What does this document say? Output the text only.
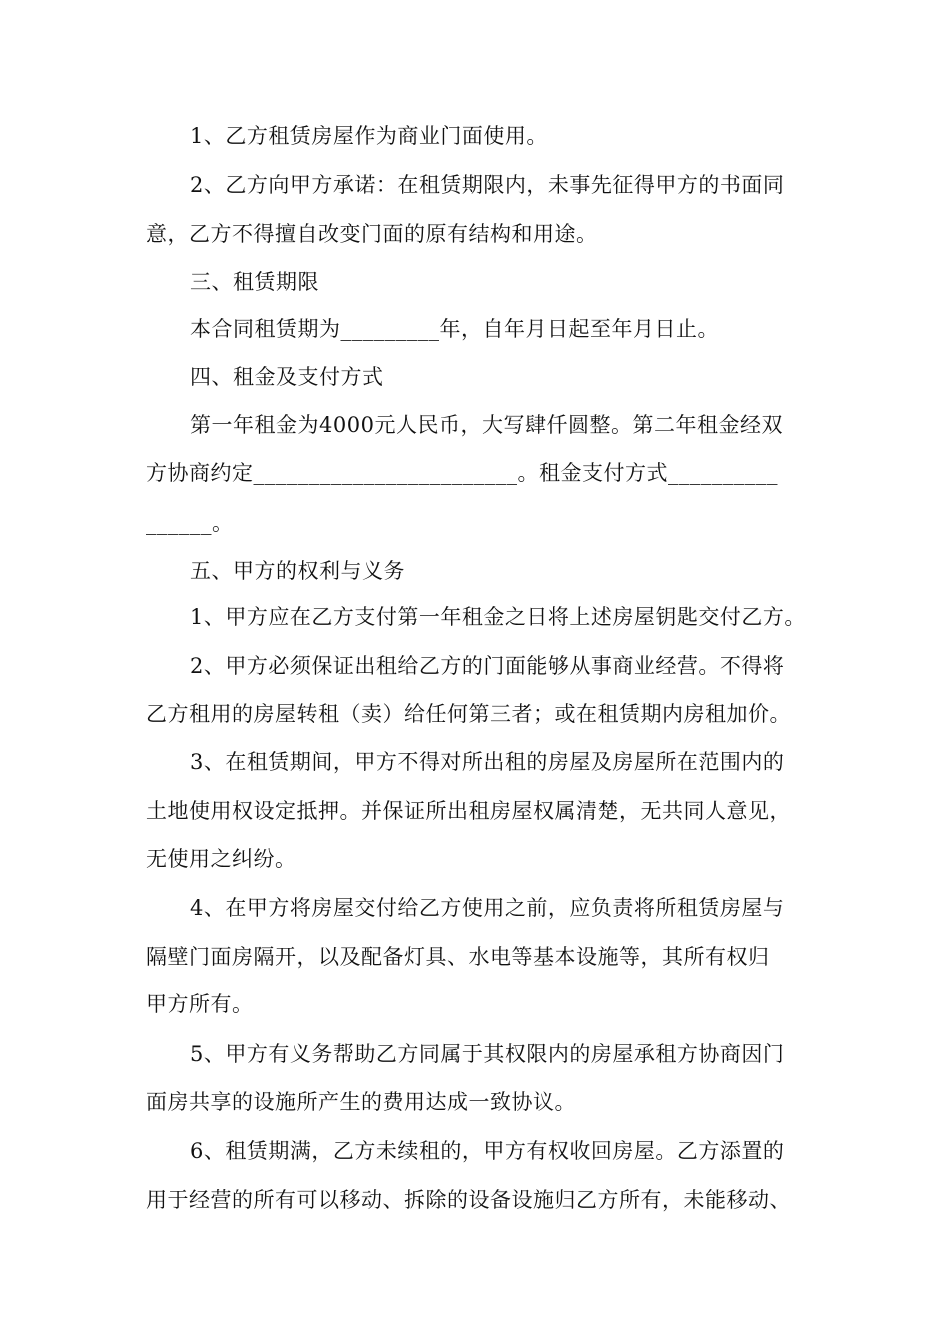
1、乙方租赁房屋作为商业门面使用。
2、乙方向甲方承诺：在租赁期限内，未事先征得甲方的书面同
意，乙方不得擅自改变门面的原有结构和用途。
三、租赁期限
本合同租赁期为_________年，自年月日起至年月日止。
四、租金及支付方式
第一年租金为4000元人民币，大写肆仟圆整。第二年租金经双
方协商约定________________________。租金支付方式__________
______。
五、甲方的权利与义务
1、甲方应在乙方支付第一年租金之日将上述房屋钥匙交付乙方。
2、甲方必须保证出租给乙方的门面能够从事商业经营。不得将
乙方租用的房屋转租（卖）给任何第三者；或在租赁期内房租加价。
3、在租赁期间，甲方不得对所出租的房屋及房屋所在范围内的
土地使用权设定抵押。并保证所出租房屋权属清楚，无共同人意见，
无使用之纠纷。
4、在甲方将房屋交付给乙方使用之前，应负责将所租赁房屋与
隔壁门面房隔开，以及配备灯具、水电等基本设施等，其所有权归
甲方所有。
5、甲方有义务帮助乙方同属于其权限内的房屋承租方协商因门
面房共享的设施所产生的费用达成一致协议。
6、租赁期满，乙方未续租的，甲方有权收回房屋。乙方添置的
用于经营的所有可以移动、拆除的设备设施归乙方所有，未能移动、
